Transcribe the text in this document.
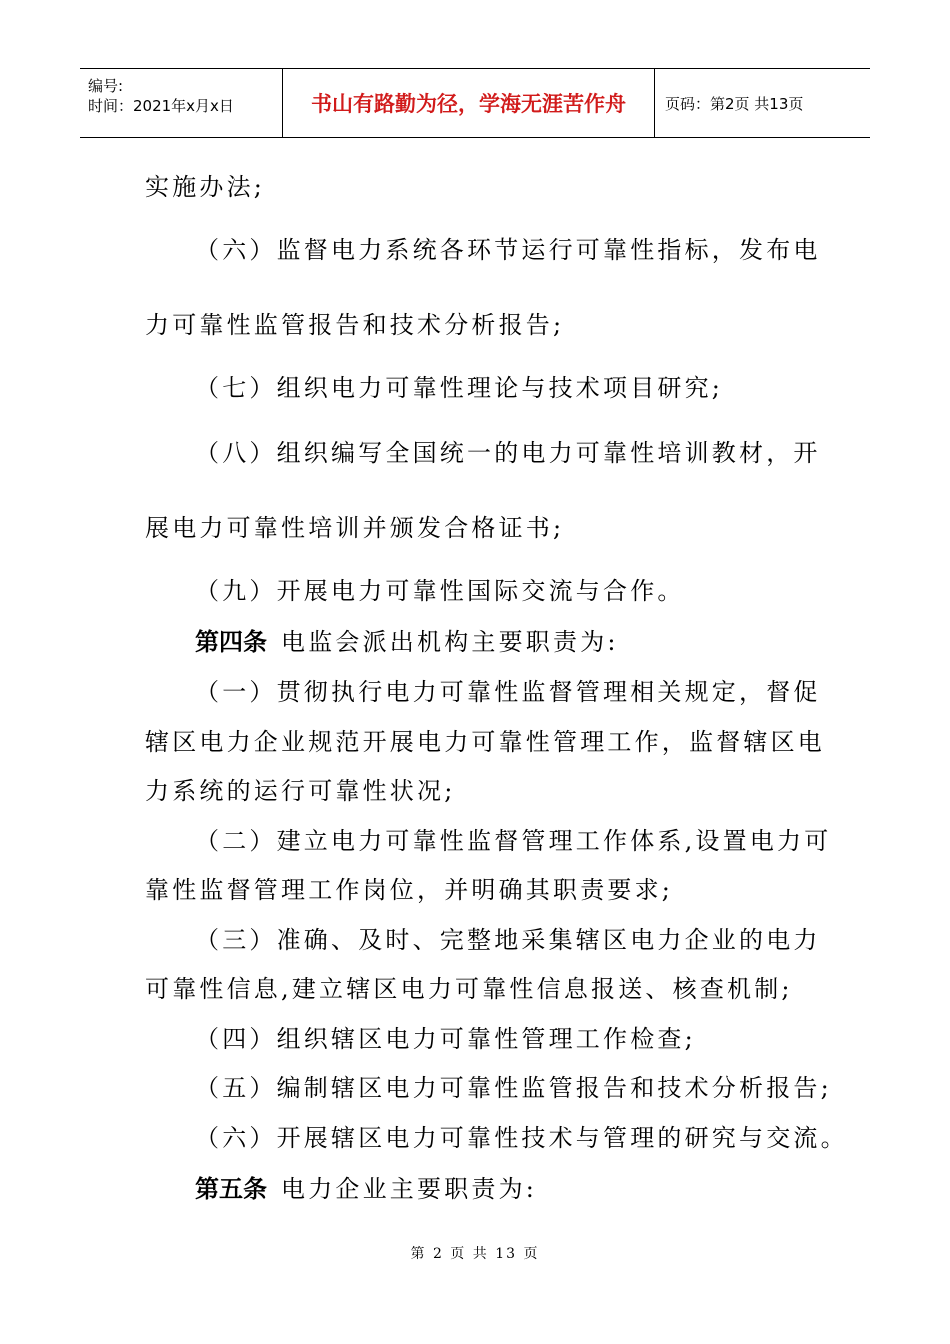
编号:
时间：2021年x月x日	书山有路勤为径，学海无涯苦作舟	页码：第2页 共13页
实施办法;
（六）监督电力系统各环节运行可靠性指标，发布电
力可靠性监管报告和技术分析报告;
（七）组织电力可靠性理论与技术项目研究;
（八）组织编写全国统一的电力可靠性培训教材，开
展电力可靠性培训并颁发合格证书;
（九）开展电力可靠性国际交流与合作。
第四条 电监会派出机构主要职责为:
（一）贯彻执行电力可靠性监督管理相关规定，督促
辖区电力企业规范开展电力可靠性管理工作，监督辖区电
力系统的运行可靠性状况;
（二）建立电力可靠性监督管理工作体系,设置电力可
靠性监督管理工作岗位，并明确其职责要求;
（三）准确、及时、完整地采集辖区电力企业的电力
可靠性信息,建立辖区电力可靠性信息报送、核查机制;
（四）组织辖区电力可靠性管理工作检查;
（五）编制辖区电力可靠性监管报告和技术分析报告;
（六）开展辖区电力可靠性技术与管理的研究与交流。
第五条 电力企业主要职责为:
第 2 页 共 13 页
